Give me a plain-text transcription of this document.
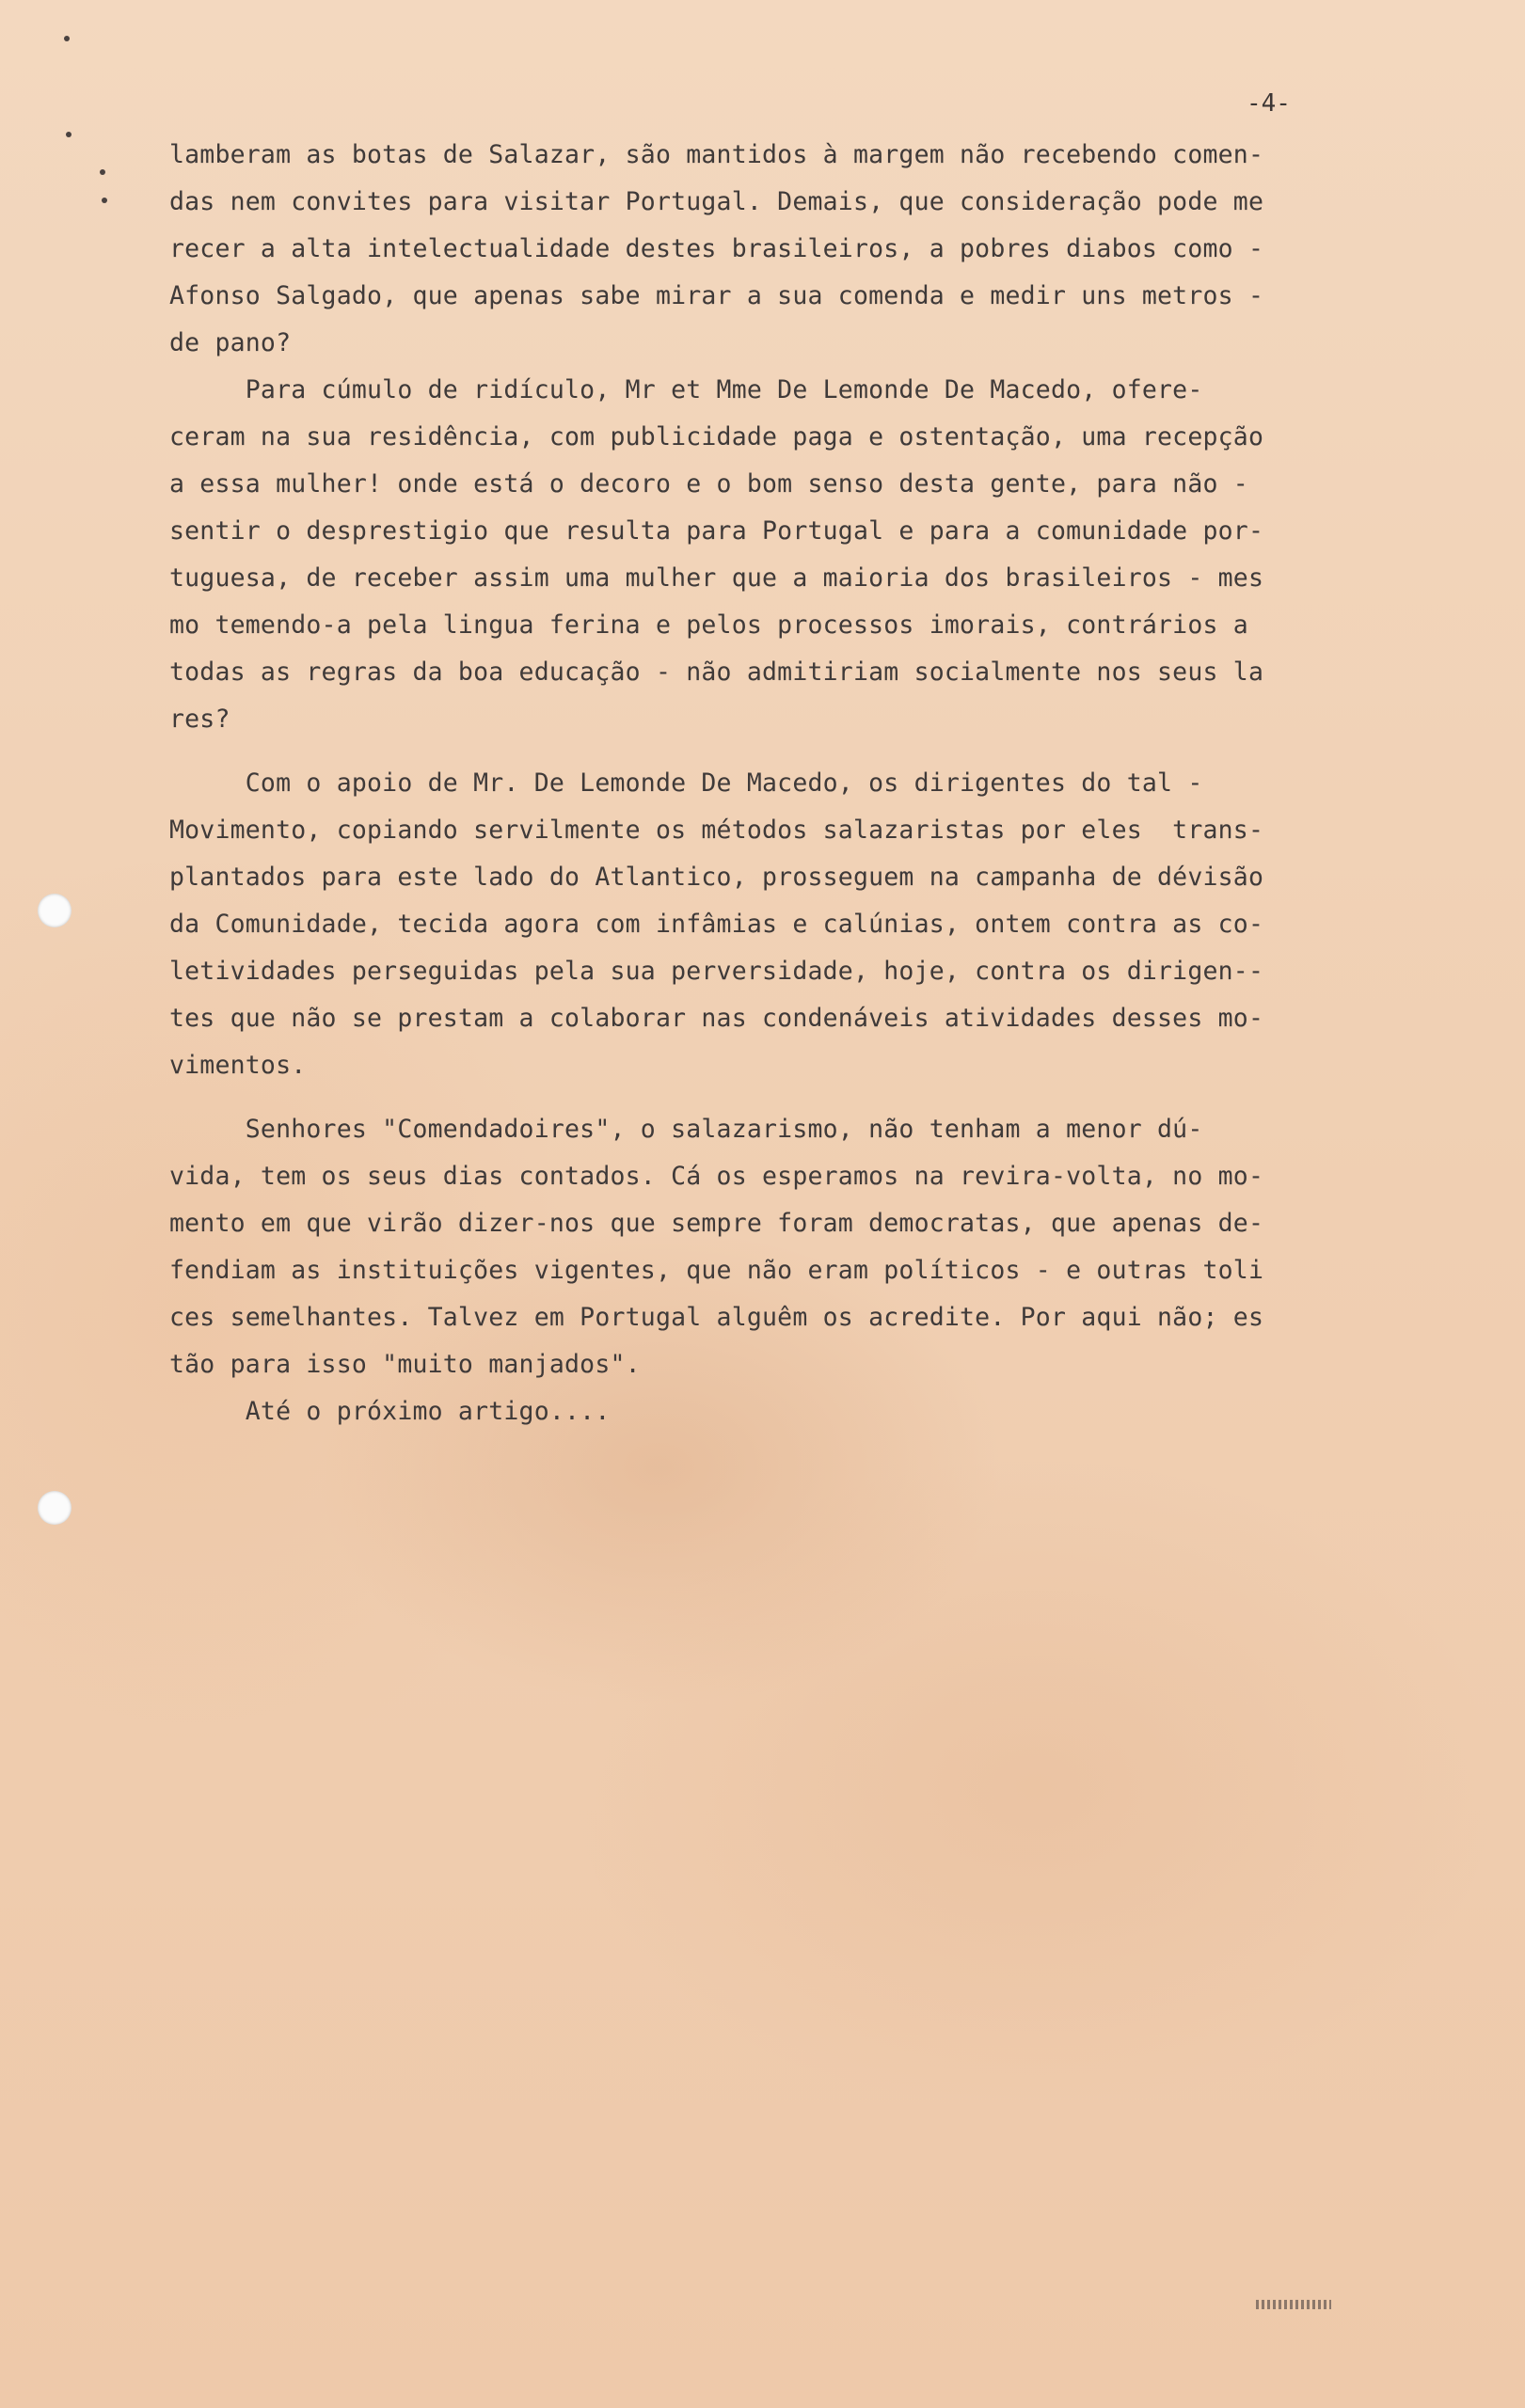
-4-
lamberam as botas de Salazar, são mantidos à margem não recebendo comen-
das nem convites para visitar Portugal. Demais, que consideração pode me
recer a alta intelectualidade destes brasileiros, a pobres diabos como -
Afonso Salgado, que apenas sabe mirar a sua comenda e medir uns metros -
de pano?
Para cúmulo de ridículo, Mr et Mme De Lemonde De Macedo, ofere-
ceram na sua residência, com publicidade paga e ostentação, uma recepção
a essa mulher! onde está o decoro e o bom senso desta gente, para não -
sentir o desprestigio que resulta para Portugal e para a comunidade por-
tuguesa, de receber assim uma mulher que a maioria dos brasileiros - mes
mo temendo-a pela lingua ferina e pelos processos imorais, contrários a
todas as regras da boa educação - não admitiriam socialmente nos seus la
res?
Com o apoio de Mr. De Lemonde De Macedo, os dirigentes do tal -
Movimento, copiando servilmente os métodos salazaristas por eles  trans-
plantados para este lado do Atlantico, prosseguem na campanha de dévisão
da Comunidade, tecida agora com infâmias e calúnias, ontem contra as co-
letividades perseguidas pela sua perversidade, hoje, contra os dirigen--
tes que não se prestam a colaborar nas condenáveis atividades desses mo-
vimentos.
Senhores "Comendadoires", o salazarismo, não tenham a menor dú-
vida, tem os seus dias contados. Cá os esperamos na revira-volta, no mo-
mento em que virão dizer-nos que sempre foram democratas, que apenas de-
fendiam as instituições vigentes, que não eram políticos - e outras toli
ces semelhantes. Talvez em Portugal alguêm os acredite. Por aqui não; es
tão para isso "muito manjados".
Até o próximo artigo....
